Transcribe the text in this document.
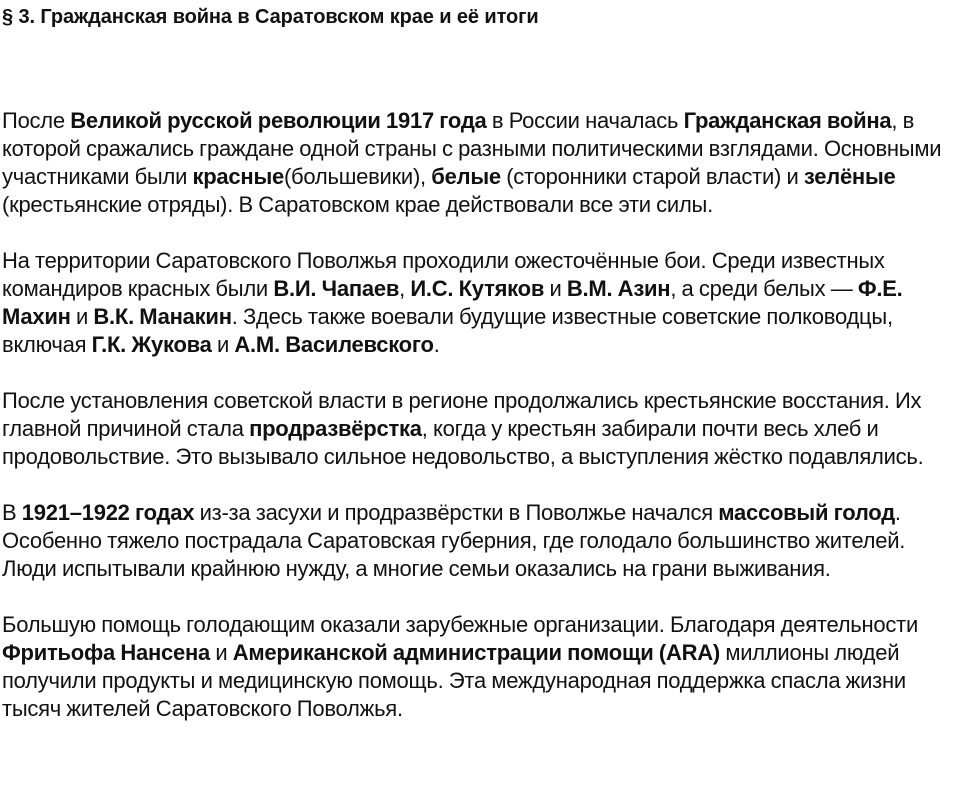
§ 3. Гражданская война в Саратовском крае и её итоги

После Великой русской революции 1917 года в России началась Гражданская война, в которой сражались граждане одной страны с разными политическими взглядами. Основными участниками были красные(большевики), белые (сторонники старой власти) и зелёные (крестьянские отряды). В Саратовском крае действовали все эти силы.

На территории Саратовского Поволжья проходили ожесточённые бои. Среди известных командиров красных были В.И. Чапаев, И.С. Кутяков и В.М. Азин, а среди белых — Ф.Е. Махин и В.К. Манакин. Здесь также воевали будущие известные советские полководцы, включая Г.К. Жукова и А.М. Василевского.

После установления советской власти в регионе продолжались крестьянские восстания. Их главной причиной стала продразвёрстка, когда у крестьян забирали почти весь хлеб и продовольствие. Это вызывало сильное недовольство, а выступления жёстко подавлялись.

В 1921–1922 годах из-за засухи и продразвёрстки в Поволжье начался массовый голод. Особенно тяжело пострадала Саратовская губерния, где голодало большинство жителей. Люди испытывали крайнюю нужду, а многие семьи оказались на грани выживания.

Большую помощь голодающим оказали зарубежные организации. Благодаря деятельности Фритьофа Нансена и Американской администрации помощи (ARA) миллионы людей получили продукты и медицинскую помощь. Эта международная поддержка спасла жизни тысяч жителей Саратовского Поволжья.
